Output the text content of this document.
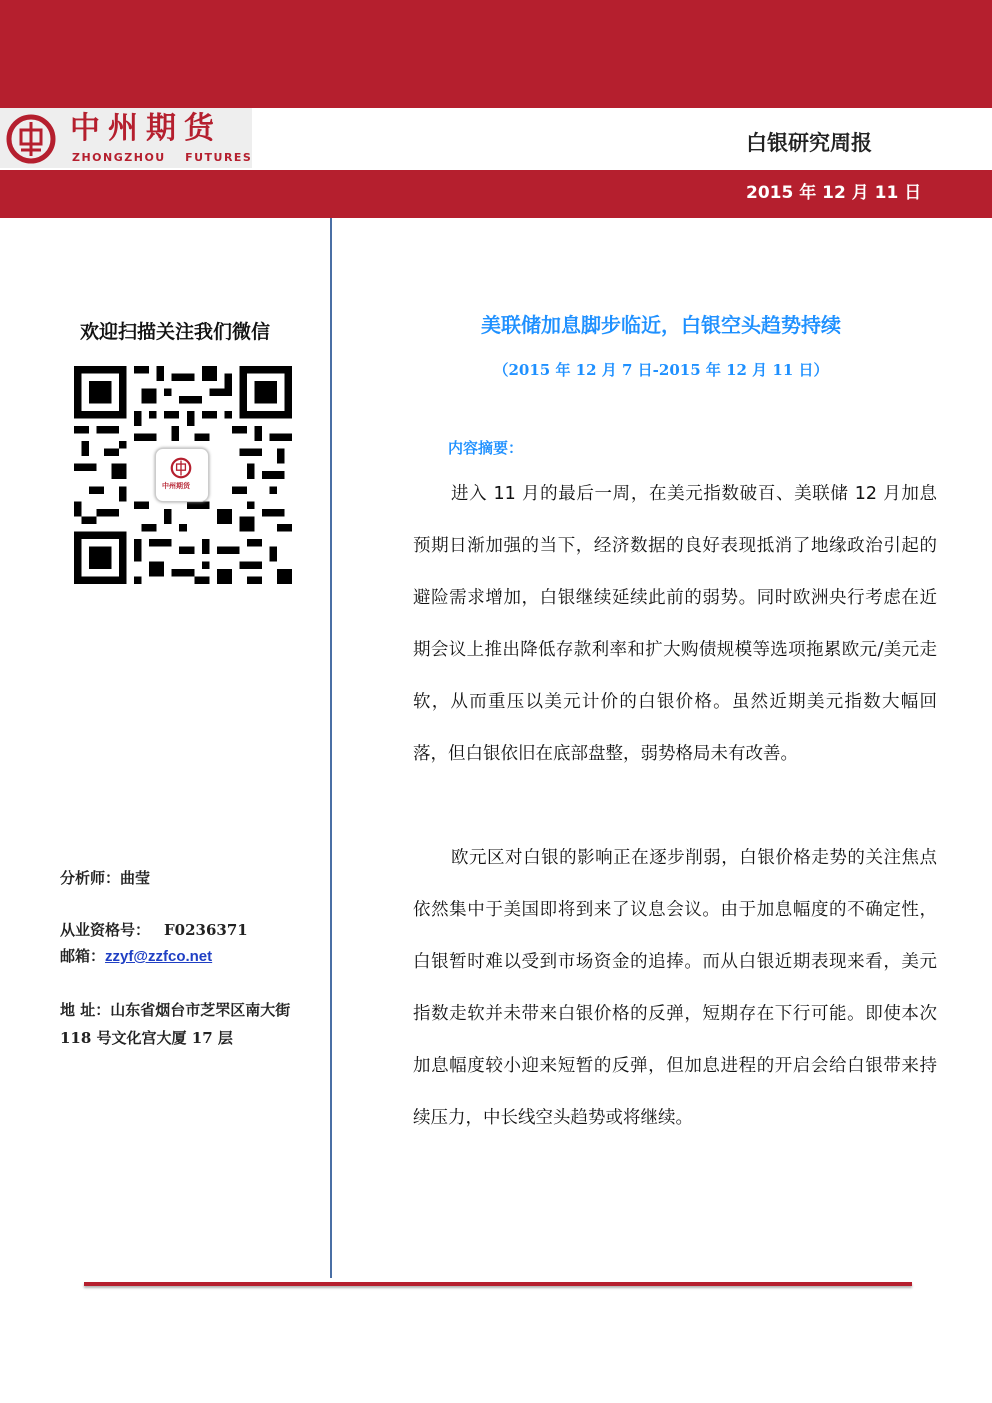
中州期货
ZHONGZHOU FUTURES
白银研究周报
2015 年 12 月 11 日
欢迎扫描关注我们微信
中州期货
分析师：曲莹
从业资格号： F0236371
邮箱：zzyf@zzfco.net
地 址：山东省烟台市芝罘区南大街 118 号文化宫大厦 17 层
美联储加息脚步临近，白银空头趋势持续
（2015 年 12 月 7 日-2015 年 12 月 11 日）
内容摘要：

进入 11 月的最后一周，在美元指数破百、美联储 12 月加息预期日渐加强的当下，经济数据的良好表现抵消了地缘政治引起的避险需求增加，白银继续延续此前的弱势。同时欧洲央行考虑在近期会议上推出降低存款利率和扩大购债规模等选项拖累欧元/美元走软，从而重压以美元计价的白银价格。虽然近期美元指数大幅回落，但白银依旧在底部盘整，弱势格局未有改善。

欧元区对白银的影响正在逐步削弱，白银价格走势的关注焦点依然集中于美国即将到来了议息会议。由于加息幅度的不确定性，白银暂时难以受到市场资金的追捧。而从白银近期表现来看，美元指数走软并未带来白银价格的反弹，短期存在下行可能。即使本次加息幅度较小迎来短暂的反弹，但加息进程的开启会给白银带来持续压力，中长线空头趋势或将继续。
